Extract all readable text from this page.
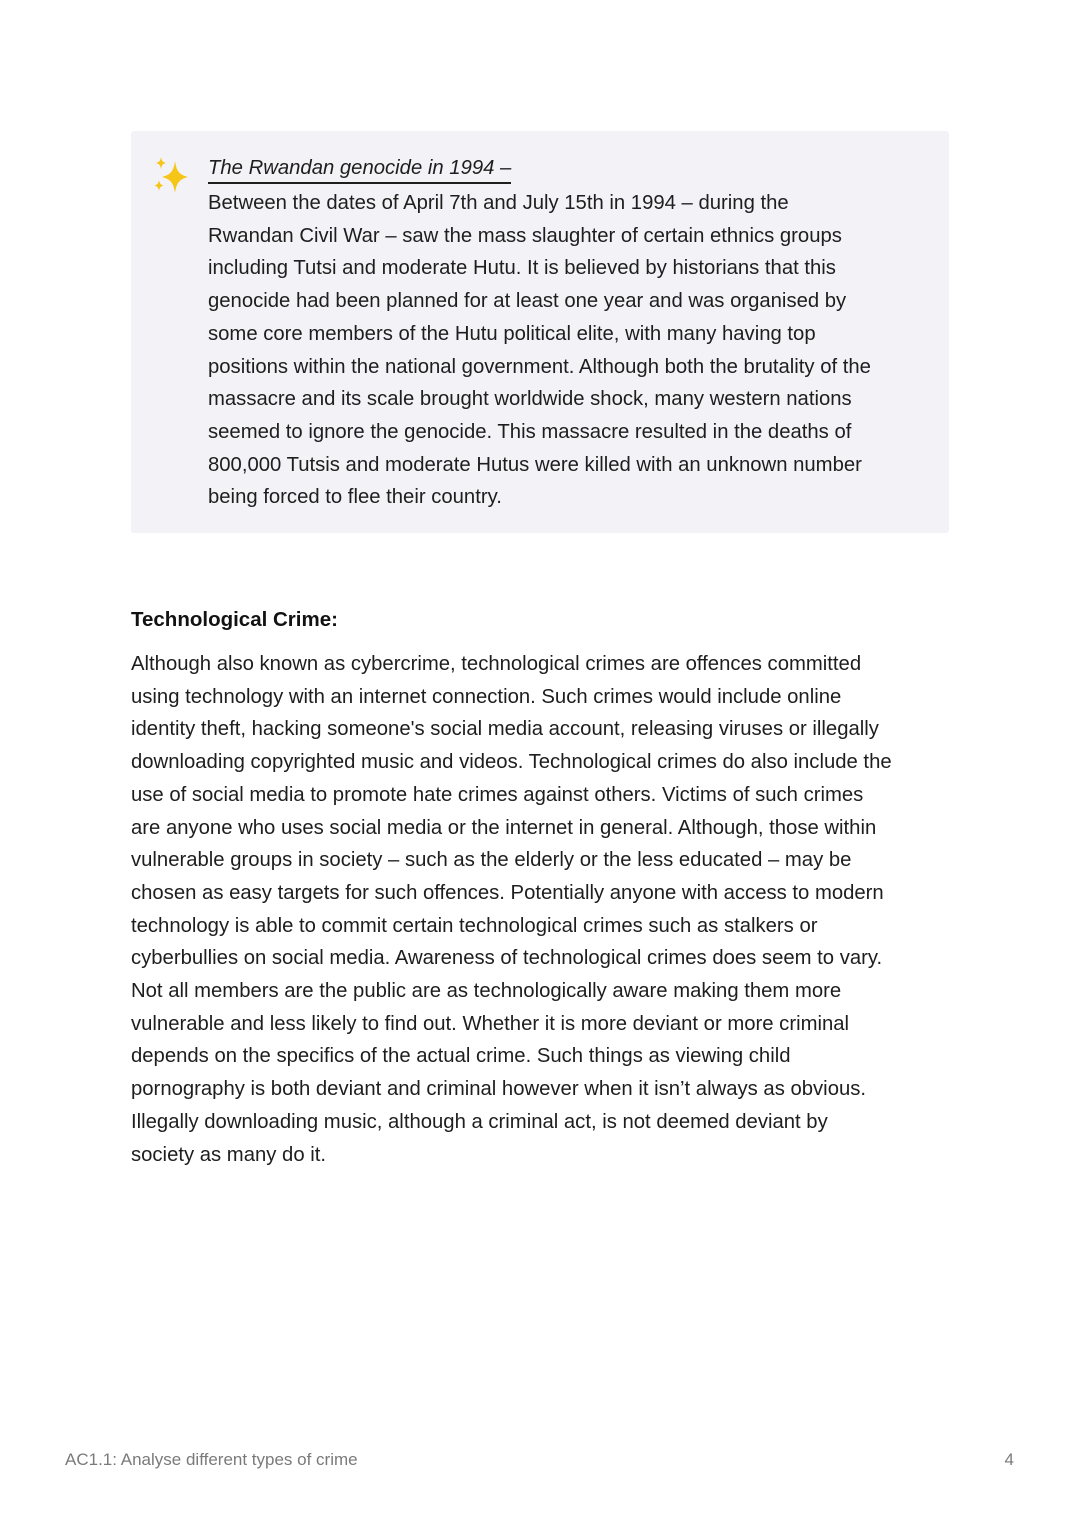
The Rwandan genocide in 1994 –
Between the dates of April 7th and July 15th in 1994 – during the
Rwandan Civil War – saw the mass slaughter of certain ethnics groups
including Tutsi and moderate Hutu. It is believed by historians that this
genocide had been planned for at least one year and was organised by
some core members of the Hutu political elite, with many having top
positions within the national government. Although both the brutality of the
massacre and its scale brought worldwide shock, many western nations
seemed to ignore the genocide. This massacre resulted in the deaths of
800,000 Tutsis and moderate Hutus were killed with an unknown number
being forced to flee their country.
Technological Crime:
Although also known as cybercrime, technological crimes are offences committed
using technology with an internet connection. Such crimes would include online
identity theft, hacking someone's social media account, releasing viruses or illegally
downloading copyrighted music and videos. Technological crimes do also include the
use of social media to promote hate crimes against others. Victims of such crimes
are anyone who uses social media or the internet in general. Although, those within
vulnerable groups in society – such as the elderly or the less educated – may be
chosen as easy targets for such offences. Potentially anyone with access to modern
technology is able to commit certain technological crimes such as stalkers or
cyberbullies on social media. Awareness of technological crimes does seem to vary.
Not all members are the public are as technologically aware making them more
vulnerable and less likely to find out. Whether it is more deviant or more criminal
depends on the specifics of the actual crime. Such things as viewing child
pornography is both deviant and criminal however when it isn’t always as obvious.
Illegally downloading music, although a criminal act, is not deemed deviant by
society as many do it.
AC1.1: Analyse different types of crime	4
